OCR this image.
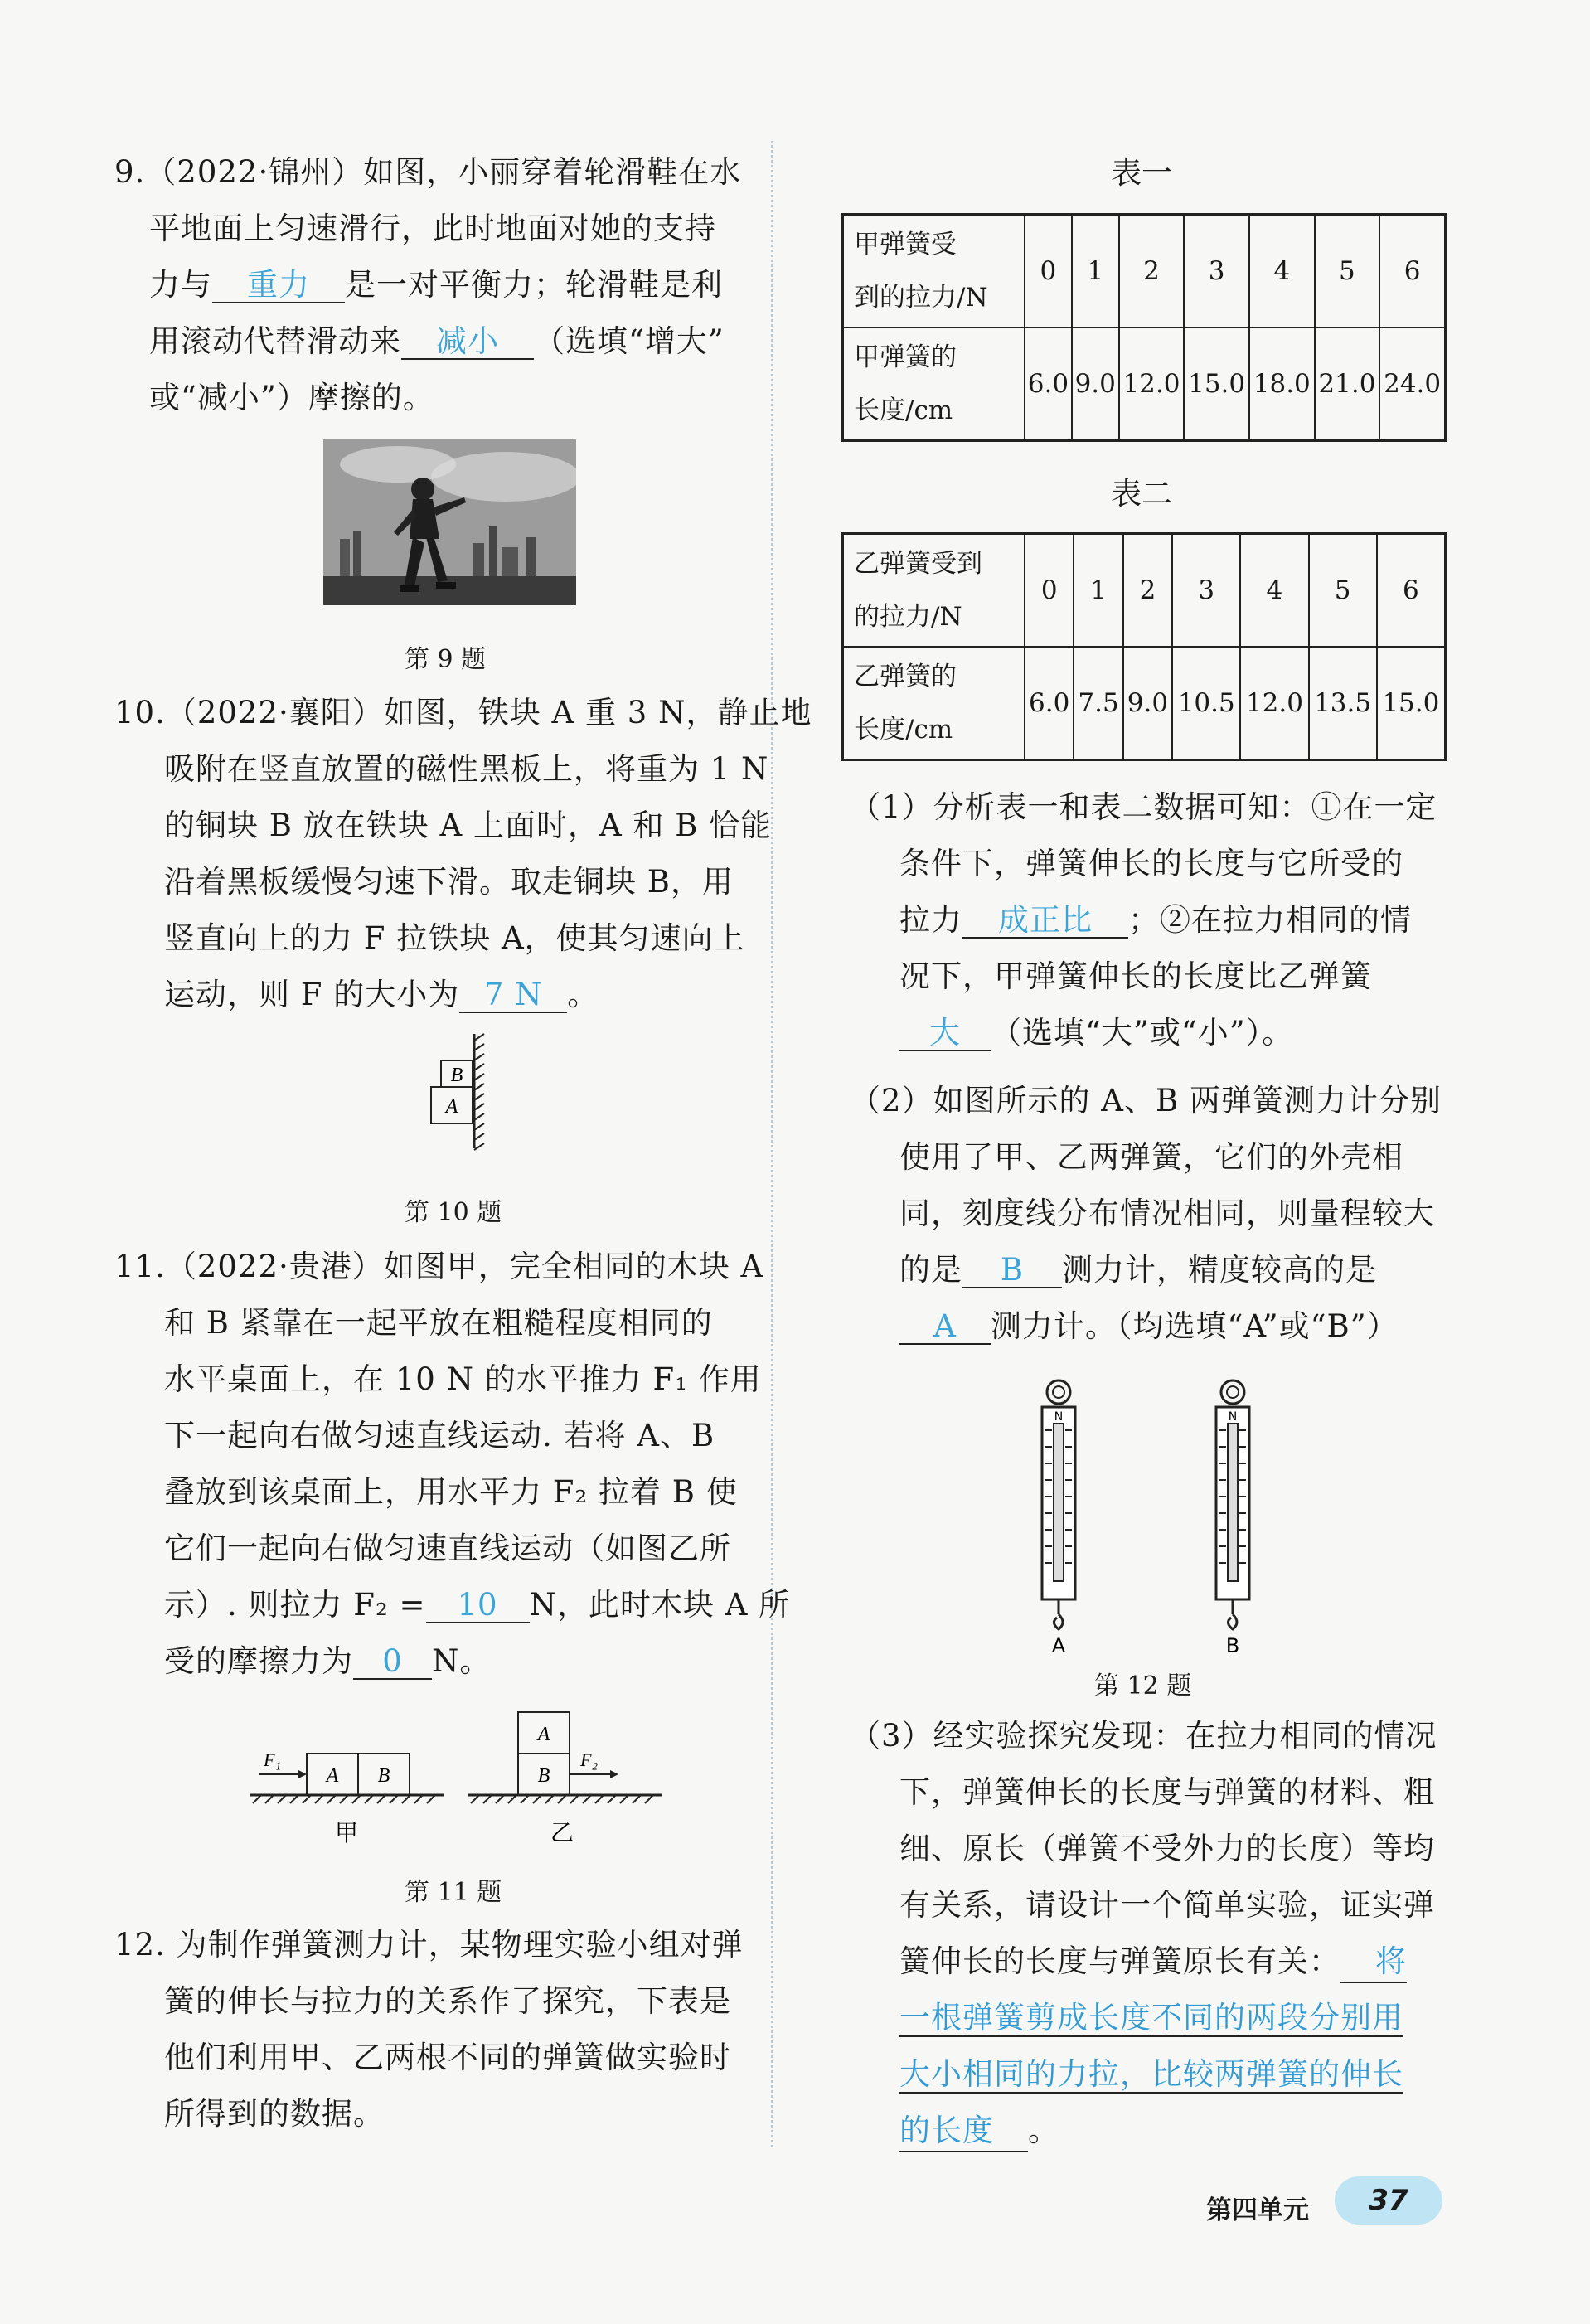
9.（2022·锦州）如图，小丽穿着轮滑鞋在水
平地面上匀速滑行，此时地面对她的支持
力与 重力 是一对平衡力；轮滑鞋是利
用滚动代替滑动来 减小 （选填“增大”
或“减小”）摩擦的。
第 9 题
10.（2022·襄阳）如图，铁块 A 重 3 N，静止地
吸附在竖直放置的磁性黑板上，将重为 1 N
的铜块 B 放在铁块 A 上面时，A 和 B 恰能
沿着黑板缓慢匀速下滑。取走铜块 B，用
竖直向上的力 F 拉铁块 A，使其匀速向上
运动，则 F 的大小为 7 N 。
B
A
第 10 题
11.（2022·贵港）如图甲，完全相同的木块 A
和 B 紧靠在一起平放在粗糙程度相同的
水平桌面上，在 10 N 的水平推力 F₁ 作用
下一起向右做匀速直线运动. 若将 A、B
叠放到该桌面上，用水平力 F₂ 拉着 B 使
它们一起向右做匀速直线运动（如图乙所
示）. 则拉力 F₂ = 10 N，此时木块 A 所
受的摩擦力为 0 N。
A B
F₁
甲
A
B
F₂
乙
第 11 题
12. 为制作弹簧测力计，某物理实验小组对弹
簧的伸长与拉力的关系作了探究，下表是
他们利用甲、乙两根不同的弹簧做实验时
所得到的数据。
表一
甲弹簧受
到的拉力/N	0	1	2	3	4	5	6
甲弹簧的
长度/cm	6.0	9.0	12.0	15.0	18.0	21.0	24.0
表二
乙弹簧受到
的拉力/N	0	1	2	3	4	5	6
乙弹簧的
长度/cm	6.0	7.5	9.0	10.5	12.0	13.5	15.0
（1）分析表一和表二数据可知：①在一定
条件下，弹簧伸长的长度与它所受的
拉力 成正比 ；②在拉力相同的情
况下，甲弹簧伸长的长度比乙弹簧
大 （选填“大”或“小”）。
（2）如图所示的 A、B 两弹簧测力计分别
使用了甲、乙两弹簧，它们的外壳相
同，刻度线分布情况相同，则量程较大
的是 B 测力计，精度较高的是
A 测力计。（均选填“A”或“B”）
N
A
N
B
第 12 题
（3）经实验探究发现：在拉力相同的情况
下，弹簧伸长的长度与弹簧的材料、粗
细、原长（弹簧不受外力的长度）等均
有关系，请设计一个简单实验，证实弹
簧伸长的长度与弹簧原长有关： 将
一根弹簧剪成长度不同的两段分别用
大小相同的力拉，比较两弹簧的伸长
的长度 。
第四单元	37
